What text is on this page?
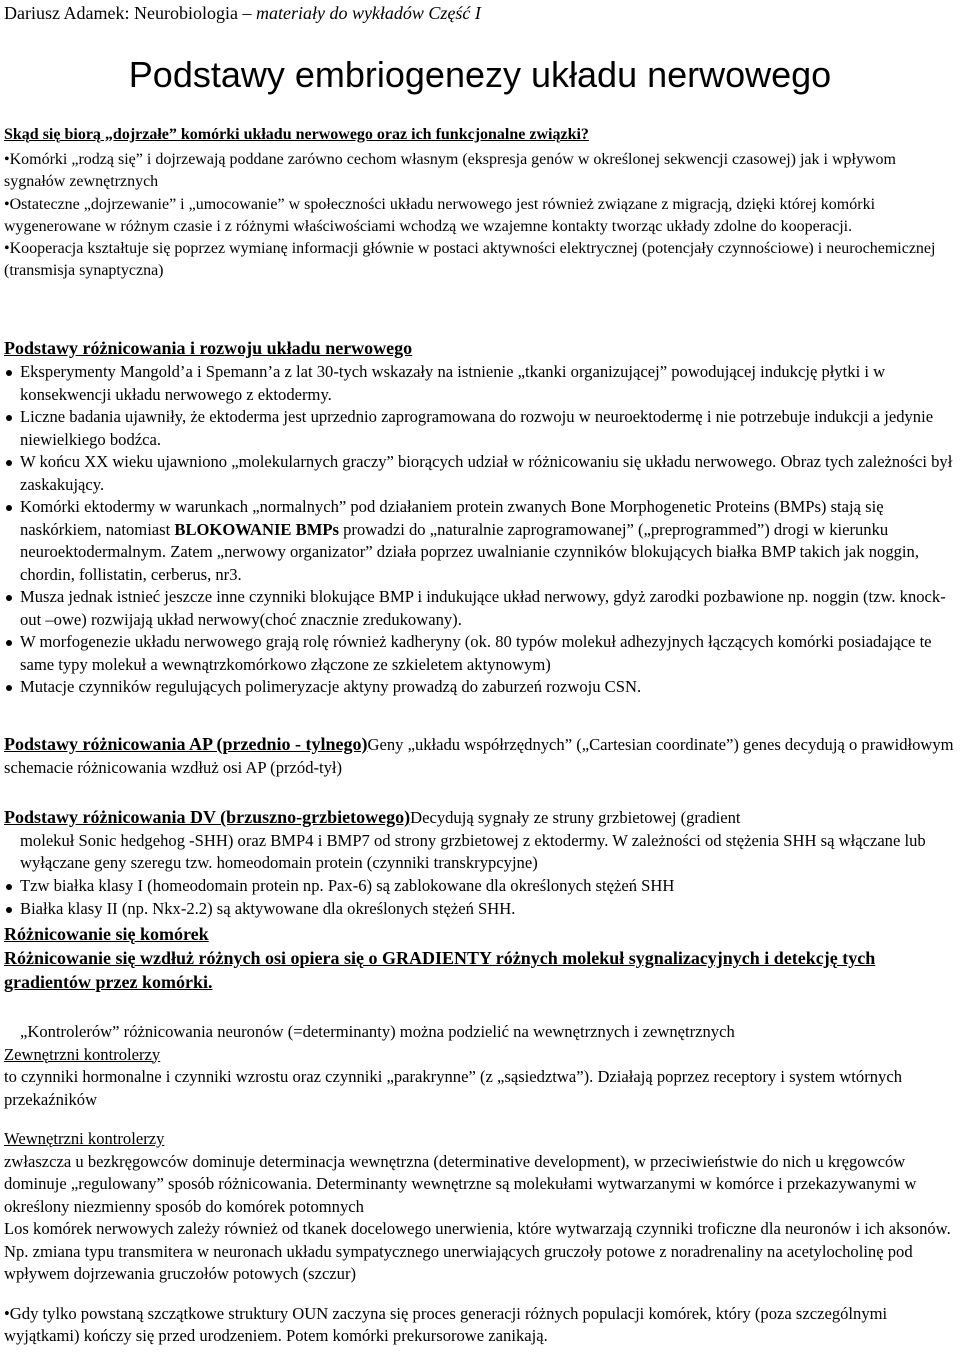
Dariusz Adamek: Neurobiologia – materiały do wykładów Część I
Podstawy embriogenezy układu nerwowego
Skąd się biorą „dojrzałe” komórki układu nerwowego oraz ich funkcjonalne związki?

•Komórki „rodzą się” i dojrzewają poddane zarówno cechom własnym (ekspresja genów w określonej sekwencji czasowej) jak i wpływom sygnałów zewnętrznych

•Ostateczne „dojrzewanie” i „umocowanie” w społeczności układu nerwowego jest również związane z migracją, dzięki której komórki wygenerowane w różnym czasie i z różnymi właściwościami wchodzą we wzajemne kontakty tworząc układy zdolne do kooperacji.

•Kooperacja kształtuje się poprzez wymianę informacji głównie w postaci aktywności elektrycznej (potencjały czynnościowe) i neurochemicznej (transmisja synaptyczna)

Podstawy różnicowania i rozwoju układu nerwowego
Eksperymenty Mangold’a i Spemann’a z lat 30-tych wskazały na istnienie „tkanki organizującej” powodującej indukcję płytki i w konsekwencji układu nerwowego z ektodermy.
Liczne badania ujawniły, że ektoderma jest uprzednio zaprogramowana do rozwoju w neuroektodermę i nie potrzebuje indukcji a jedynie niewielkiego bodźca.
W końcu XX wieku ujawniono „molekularnych graczy” biorących udział w różnicowaniu się układu nerwowego. Obraz tych zależności był zaskakujący.
Komórki ektodermy w warunkach „normalnych” pod działaniem protein zwanych Bone Morphogenetic Proteins (BMPs) stają się naskórkiem, natomiast BLOKOWANIE BMPs prowadzi do „naturalnie zaprogramowanej” („preprogrammed”) drogi w kierunku neuroektodermalnym. Zatem „nerwowy organizator” działa poprzez uwalnianie czynników blokujących białka BMP takich jak noggin, chordin, follistatin, cerberus, nr3.
Musza jednak istnieć jeszcze inne czynniki blokujące BMP i indukujące układ nerwowy, gdyż zarodki pozbawione np. noggin (tzw. knock- out –owe) rozwijają układ nerwowy(choć znacznie zredukowany).
W morfogenezie układu nerwowego grają rolę również kadheryny (ok. 80 typów molekuł adhezyjnych łączących komórki posiadające te same typy molekuł a wewnątrzkomórkowo złączone ze szkieletem aktynowym)
Mutacje czynników regulujących polimeryzacje aktyny prowadzą do zaburzeń rozwoju CSN.

Podstawy różnicowania AP (przednio - tylnego)Geny „układu współrzędnych” („Cartesian coordinate”) genes decydują o prawidłowym schemacie różnicowania wzdłuż osi AP (przód-tył)

Podstawy różnicowania DV (brzuszno-grzbietowego)Decydują sygnały ze struny grzbietowej (gradient

molekuł Sonic hedgehog -SHH) oraz BMP4 i BMP7 od strony grzbietowej z ektodermy. W zależności od stężenia SHH są włączane lub wyłączane geny szeregu tzw. homeodomain protein (czynniki transkrypcyjne)

Tzw białka klasy I (homeodomain protein np. Pax-6) są zablokowane dla określonych stężeń SHH
Białka klasy II (np. Nkx-2.2) są aktywowane dla określonych stężeń SHH.

Różnicowanie się komórek

Różnicowanie się wzdłuż różnych osi opiera się o GRADIENTY różnych molekuł sygnalizacyjnych i detekcję tych gradientów przez komórki.

„Kontrolerów” różnicowania neuronów (=determinanty) można podzielić na wewnętrznych i zewnętrznych

Zewnętrzni kontrolerzy

to czynniki hormonalne i czynniki wzrostu oraz czynniki „parakrynne” (z „sąsiedztwa”). Działają poprzez receptory i system wtórnych przekaźników

Wewnętrzni kontrolerzy

zwłaszcza u bezkręgowców dominuje determinacja wewnętrzna (determinative development), w przeciwieństwie do nich u kręgowców dominuje „regulowany” sposób różnicowania. Determinanty wewnętrzne są molekułami wytwarzanymi w komórce i przekazywanymi w określony niezmienny sposób do komórek potomnych

Los komórek nerwowych zależy również od tkanek docelowego unerwienia, które wytwarzają czynniki troficzne dla neuronów i ich aksonów. Np. zmiana typu transmitera w neuronach układu sympatycznego unerwiających gruczoły potowe z noradrenaliny na acetylocholinę pod wpływem dojrzewania gruczołów potowych (szczur)

•Gdy tylko powstaną szczątkowe struktury OUN zaczyna się proces generacji różnych populacji komórek, który (poza szczególnymi wyjątkami) kończy się przed urodzeniem. Potem komórki prekursorowe zanikają.
